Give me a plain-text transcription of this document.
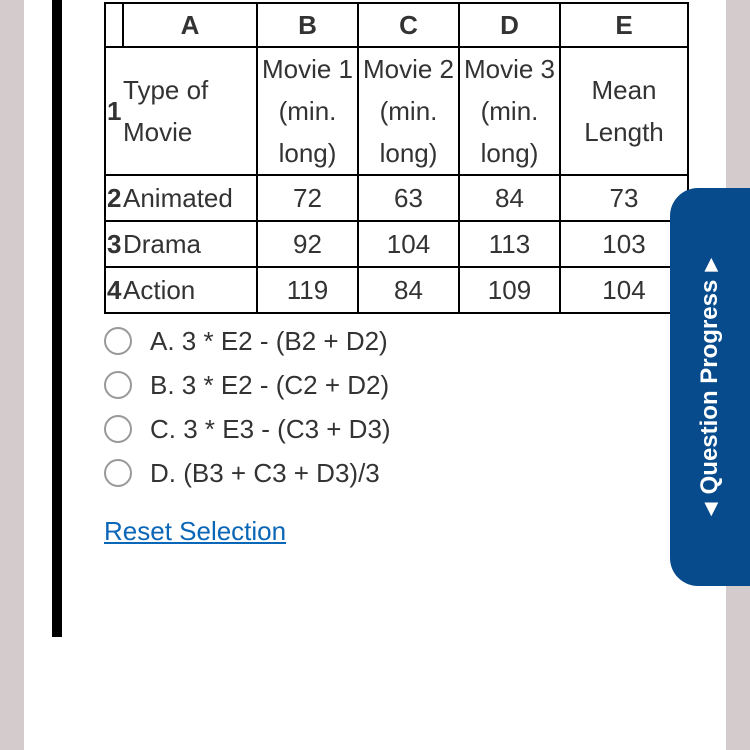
	A	B	C	D	E
1	Type of Movie	Movie 1 (min. long)	Movie 2 (min. long)	Movie 3 (min. long)	Mean Length
2	Animated	72	63	84	73
3	Drama	92	104	113	103
4	Action	119	84	109	104
A. 3 * E2 - (B2 + D2)
B. 3 * E2 - (C2 + D2)
C. 3 * E3 - (C3 + D3)
D. (B3 + C3 + D3)/3
Reset Selection
◀
Question Progress
▶
